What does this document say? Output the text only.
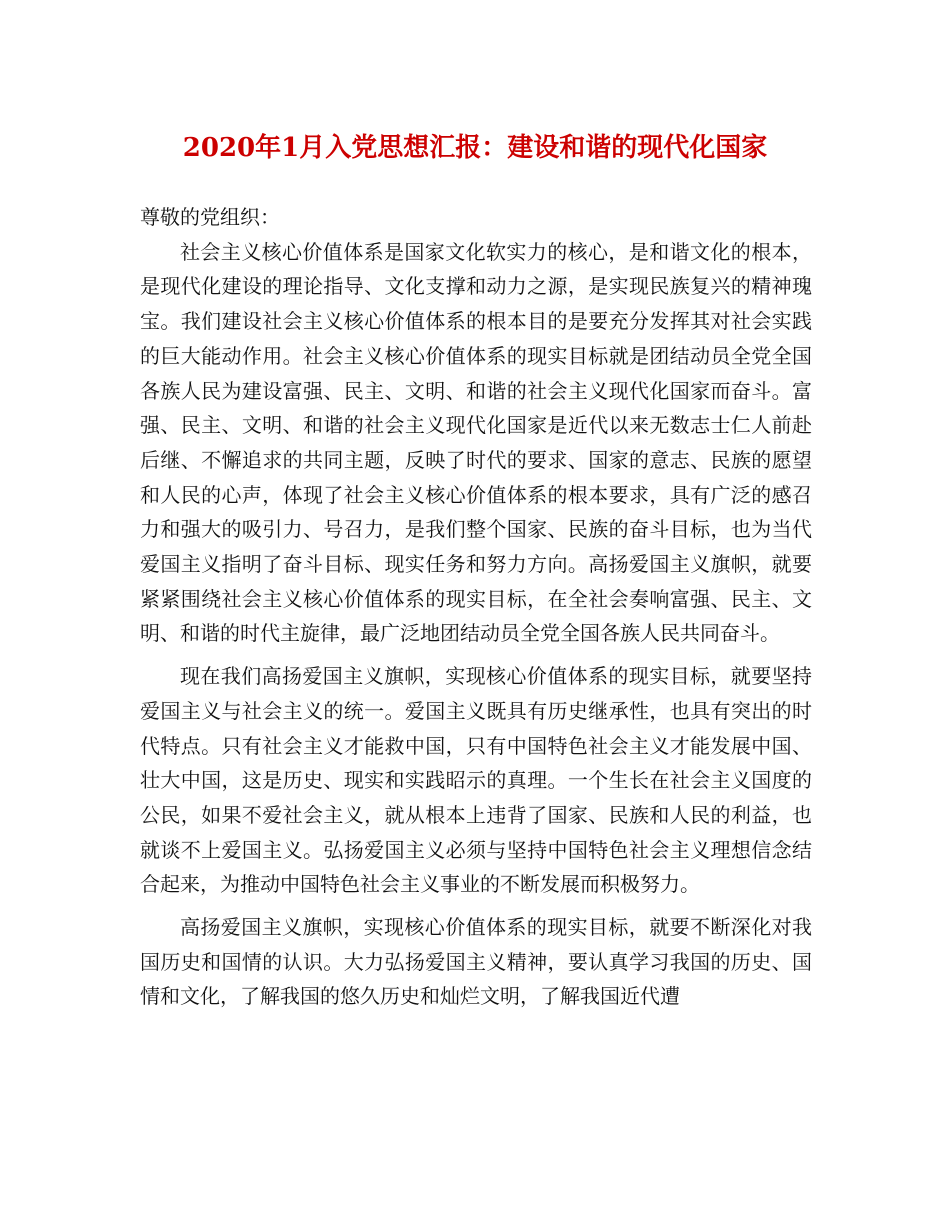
2020年1月入党思想汇报：建设和谐的现代化国家

尊敬的党组织：

社会主义核心价值体系是国家文化软实力的核心，是和谐文化的根本，是现代化建设的理论指导、文化支撑和动力之源，是实现民族复兴的精神瑰宝。我们建设社会主义核心价值体系的根本目的是要充分发挥其对社会实践的巨大能动作用。社会主义核心价值体系的现实目标就是团结动员全党全国各族人民为建设富强、民主、文明、和谐的社会主义现代化国家而奋斗。富强、民主、文明、和谐的社会主义现代化国家是近代以来无数志士仁人前赴后继、不懈追求的共同主题，反映了时代的要求、国家的意志、民族的愿望和人民的心声，体现了社会主义核心价值体系的根本要求，具有广泛的感召力和强大的吸引力、号召力，是我们整个国家、民族的奋斗目标，也为当代爱国主义指明了奋斗目标、现实任务和努力方向。高扬爱国主义旗帜，就要紧紧围绕社会主义核心价值体系的现实目标，在全社会奏响富强、民主、文明、和谐的时代主旋律，最广泛地团结动员全党全国各族人民共同奋斗。

现在我们高扬爱国主义旗帜，实现核心价值体系的现实目标，就要坚持爱国主义与社会主义的统一。爱国主义既具有历史继承性，也具有突出的时代特点。只有社会主义才能救中国，只有中国特色社会主义才能发展中国、壮大中国，这是历史、现实和实践昭示的真理。一个生长在社会主义国度的公民，如果不爱社会主义，就从根本上违背了国家、民族和人民的利益，也就谈不上爱国主义。弘扬爱国主义必须与坚持中国特色社会主义理想信念结合起来，为推动中国特色社会主义事业的不断发展而积极努力。

高扬爱国主义旗帜，实现核心价值体系的现实目标，就要不断深化对我国历史和国情的认识。大力弘扬爱国主义精神，要认真学习我国的历史、国情和文化，了解我国的悠久历史和灿烂文明，了解我国近代遭
